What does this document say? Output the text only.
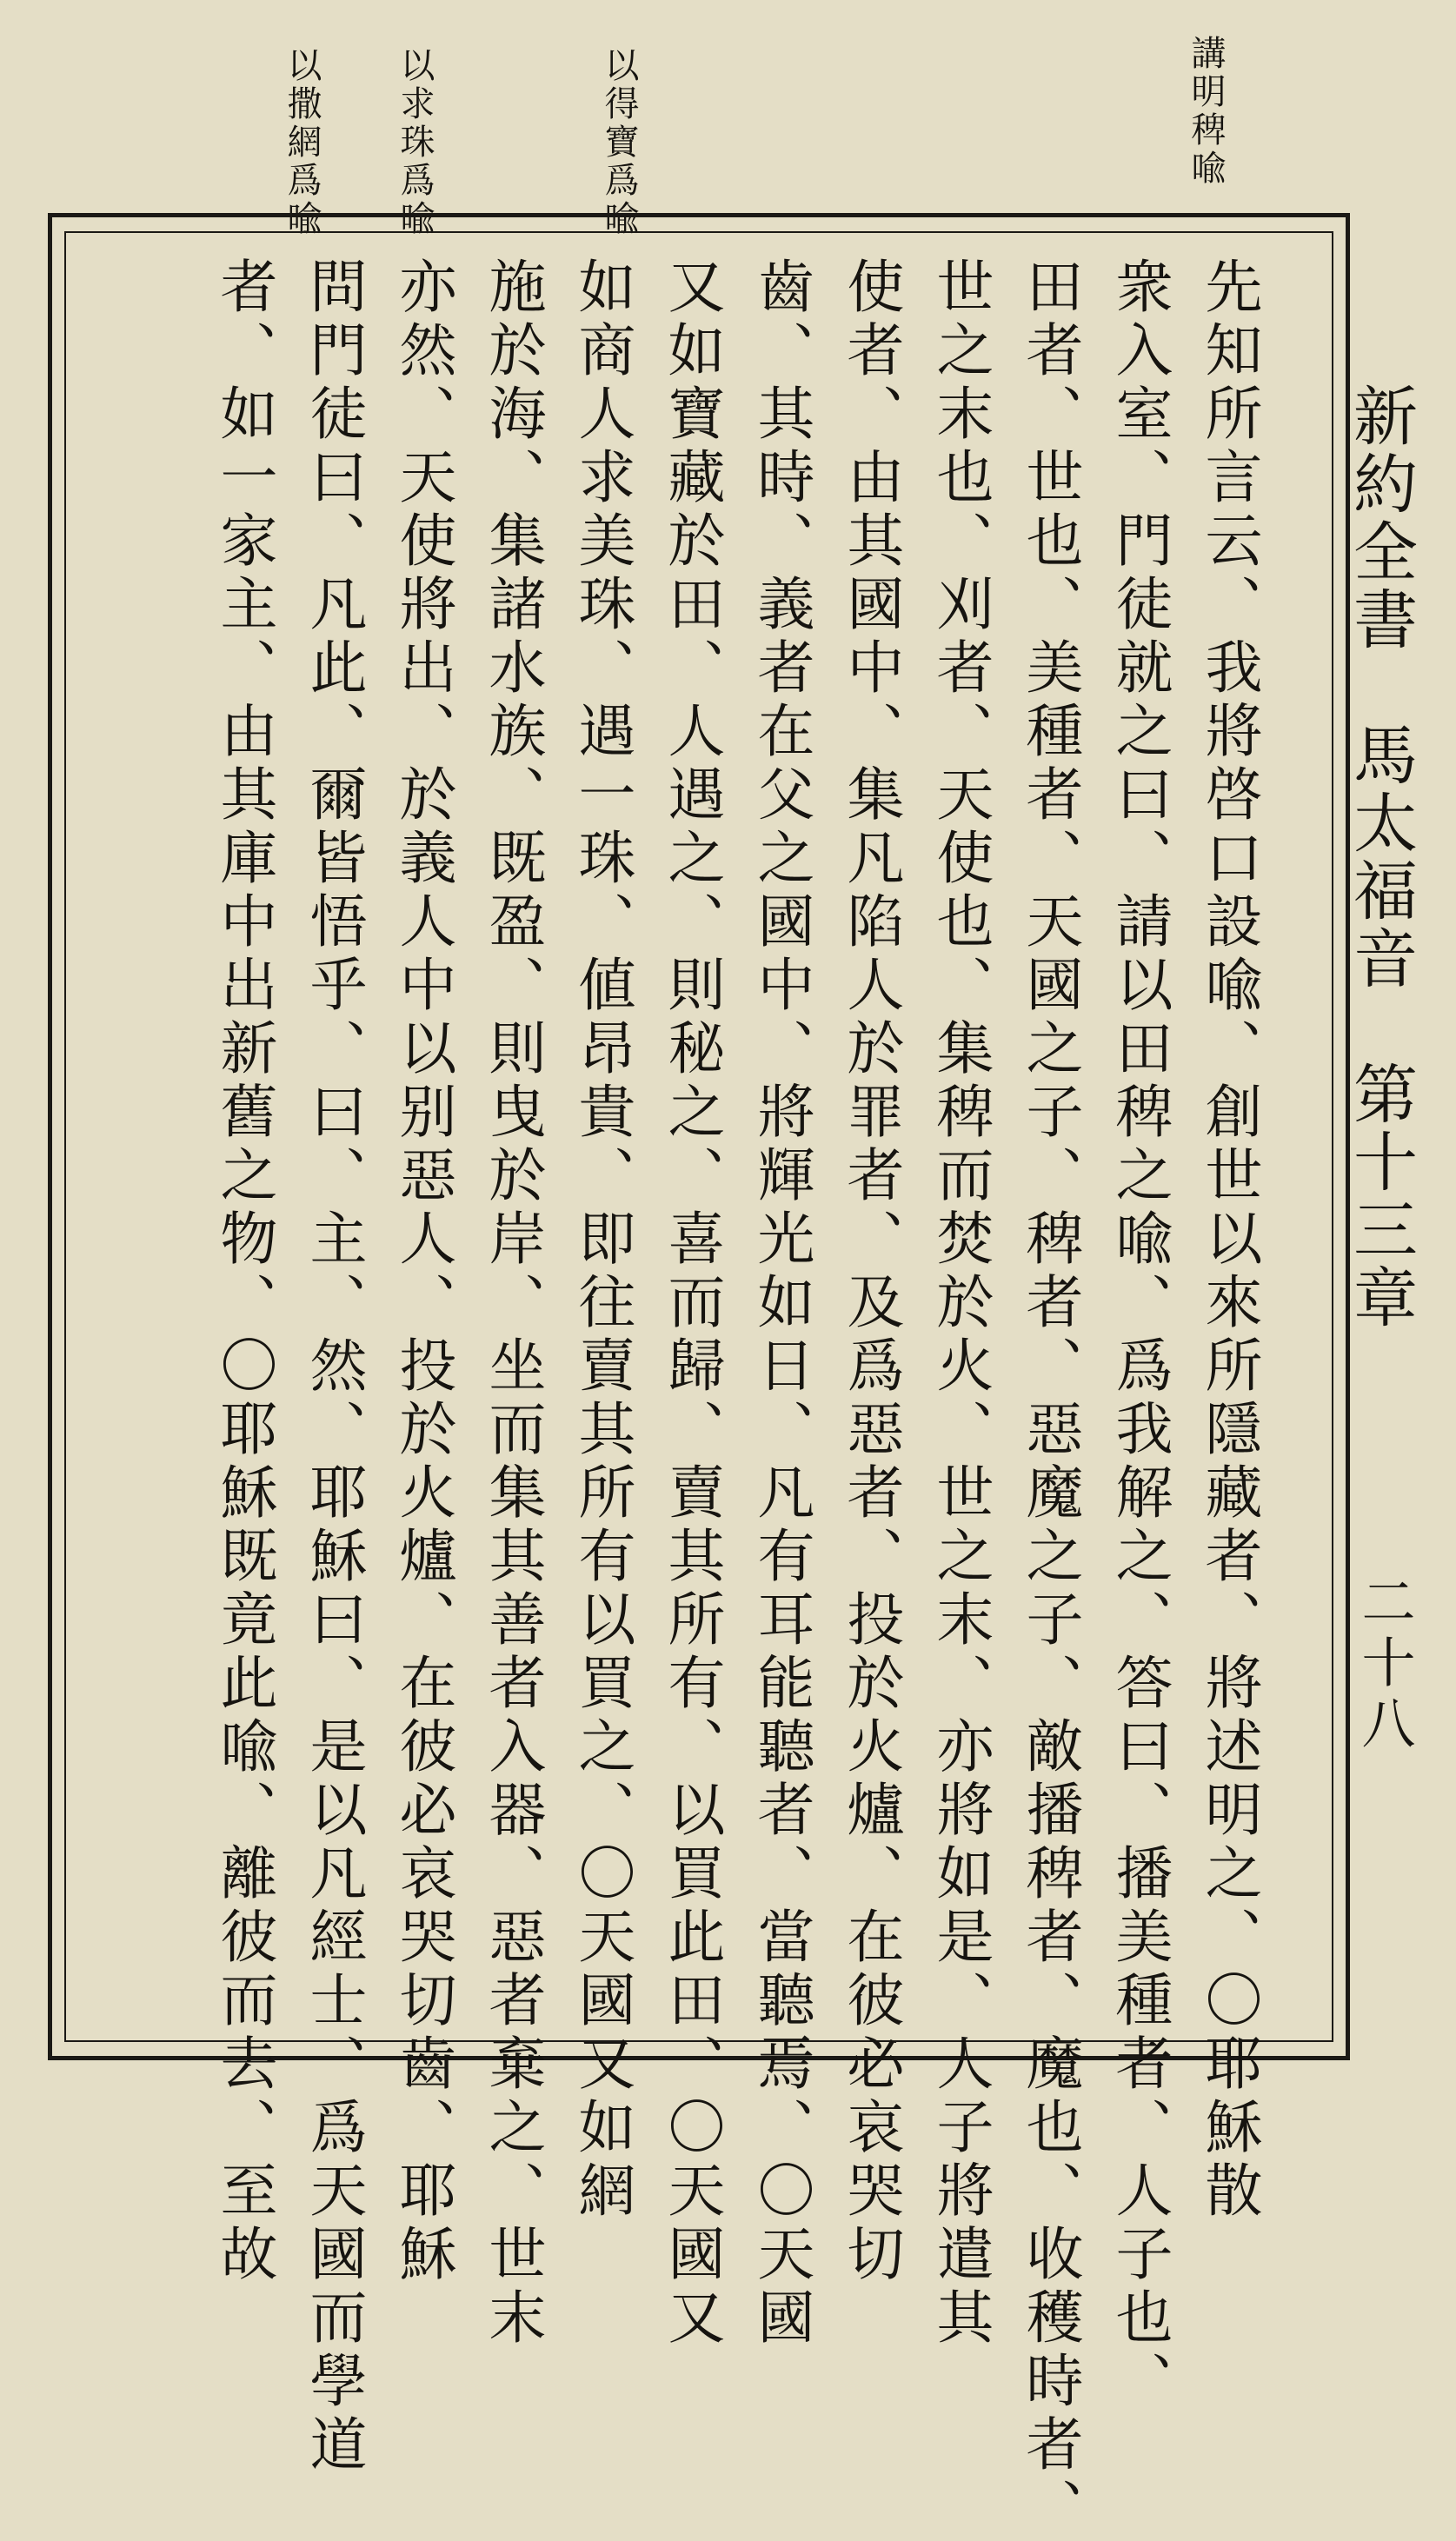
新約全書　馬太福音　第十三章
二十八
講明稗喩
以得寶爲喩
以求珠爲喩
以撒網爲喩
先知所言云、我將啓口設喩、創世以來所隱藏者、將述明之、〇耶穌散
衆入室、門徒就之曰、請以田稗之喩、爲我解之、答曰、播美種者、人子也、
田者、世也、美種者、天國之子、稗者、惡魔之子、敵播稗者、魔也、收穫時者、
世之末也、刈者、天使也、集稗而焚於火、世之末、亦將如是、人子將遣其
使者、由其國中、集凡陷人於罪者、及爲惡者、投於火爐、在彼必哀哭切
齒、其時、義者在父之國中、將輝光如日、凡有耳能聽者、當聽焉、〇天國
又如寶藏於田、人遇之、則秘之、喜而歸、賣其所有、以買此田、〇天國又
如商人求美珠、遇一珠、値昂貴、即往賣其所有以買之、〇天國又如網
施於海、集諸水族、既盈、則曳於岸、坐而集其善者入器、惡者棄之、世末
亦然、天使將出、於義人中以别惡人、投於火爐、在彼必哀哭切齒、耶穌
問門徒曰、凡此、爾皆悟乎、曰、主、然、耶穌曰、是以凡經士、爲天國而學道
者、如一家主、由其庫中出新舊之物、〇耶穌既竟此喩、離彼而去、至故
